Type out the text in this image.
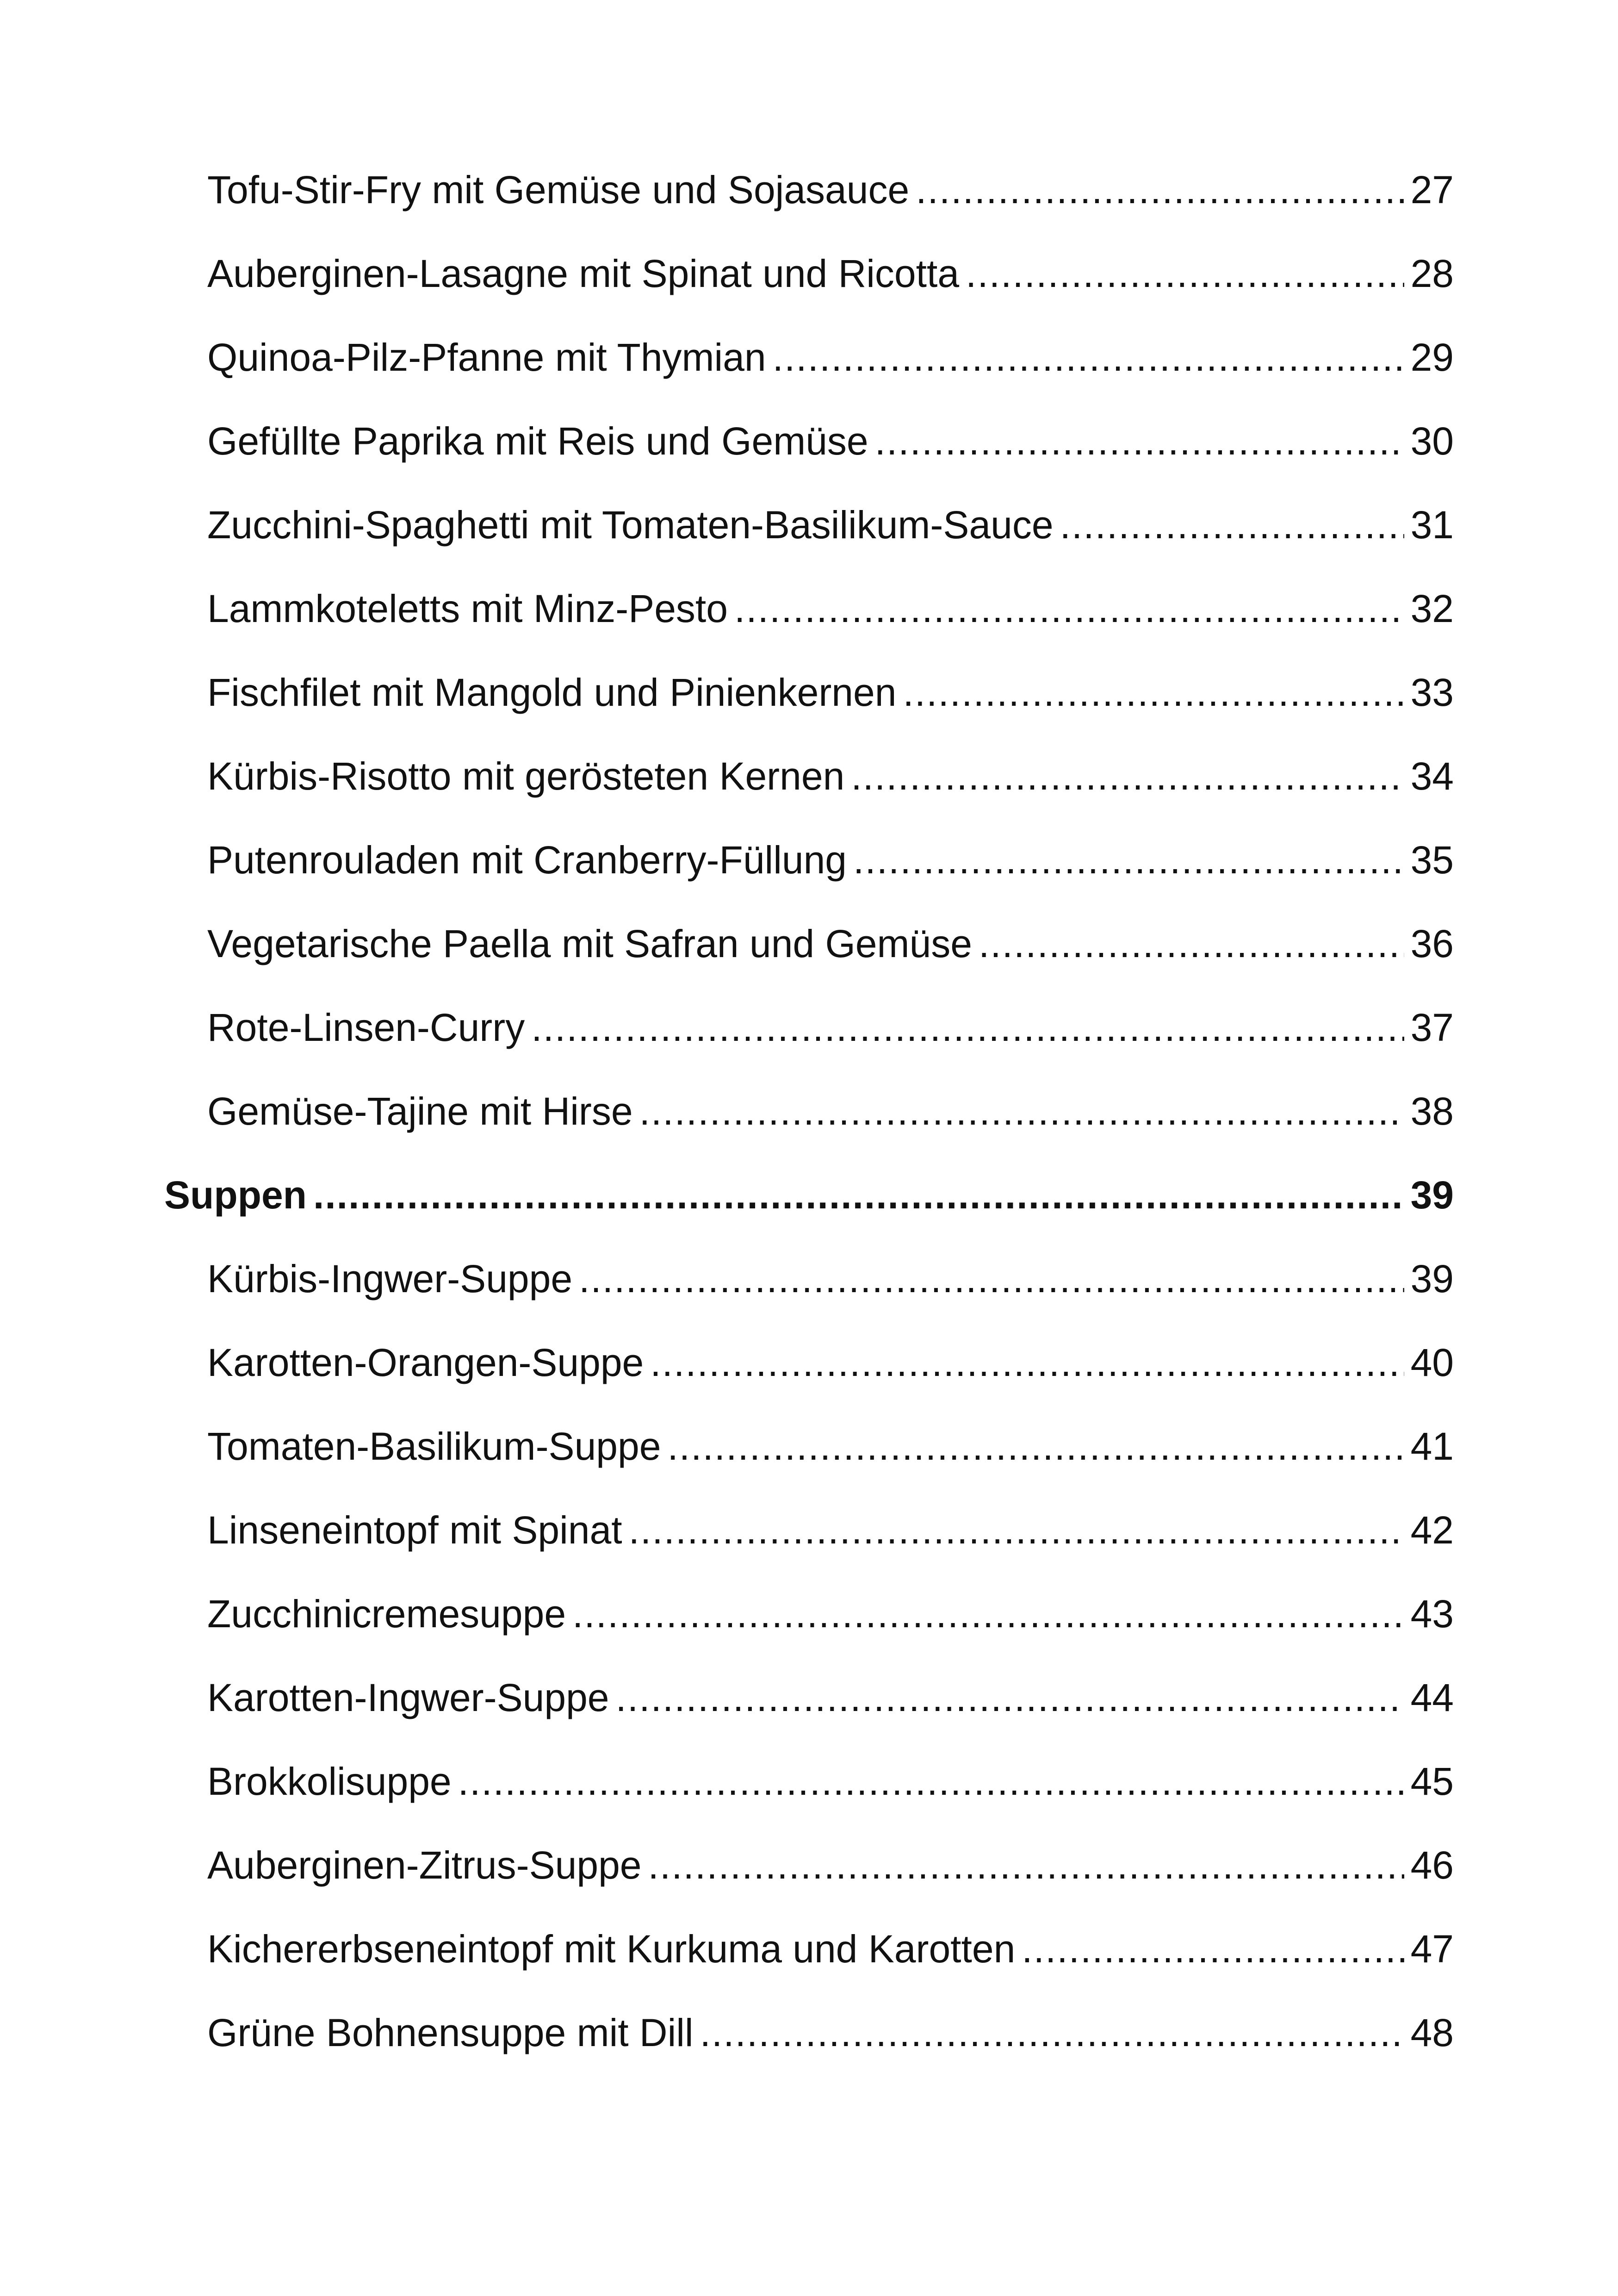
Tofu-Stir-Fry mit Gemüse und Sojasauce .....	27
Auberginen-Lasagne mit Spinat und Ricotta .....	28
Quinoa-Pilz-Pfanne mit Thymian .....	29
Gefüllte Paprika mit Reis und Gemüse .....	30
Zucchini-Spaghetti mit Tomaten-Basilikum-Sauce .....	31
Lammkoteletts mit Minz-Pesto .....	32
Fischfilet mit Mangold und Pinienkernen .....	33
Kürbis-Risotto mit gerösteten Kernen .....	34
Putenrouladen mit Cranberry-Füllung .....	35
Vegetarische Paella mit Safran und Gemüse .....	36
Rote-Linsen-Curry .....	37
Gemüse-Tajine mit Hirse .....	38
Suppen .....	39
Kürbis-Ingwer-Suppe .....	39
Karotten-Orangen-Suppe .....	40
Tomaten-Basilikum-Suppe .....	41
Linseneintopf mit Spinat .....	42
Zucchinicremesuppe .....	43
Karotten-Ingwer-Suppe .....	44
Brokkolisuppe .....	45
Auberginen-Zitrus-Suppe .....	46
Kichererbseneintopf mit Kurkuma und Karotten .....	47
Grüne Bohnensuppe mit Dill .....	48
